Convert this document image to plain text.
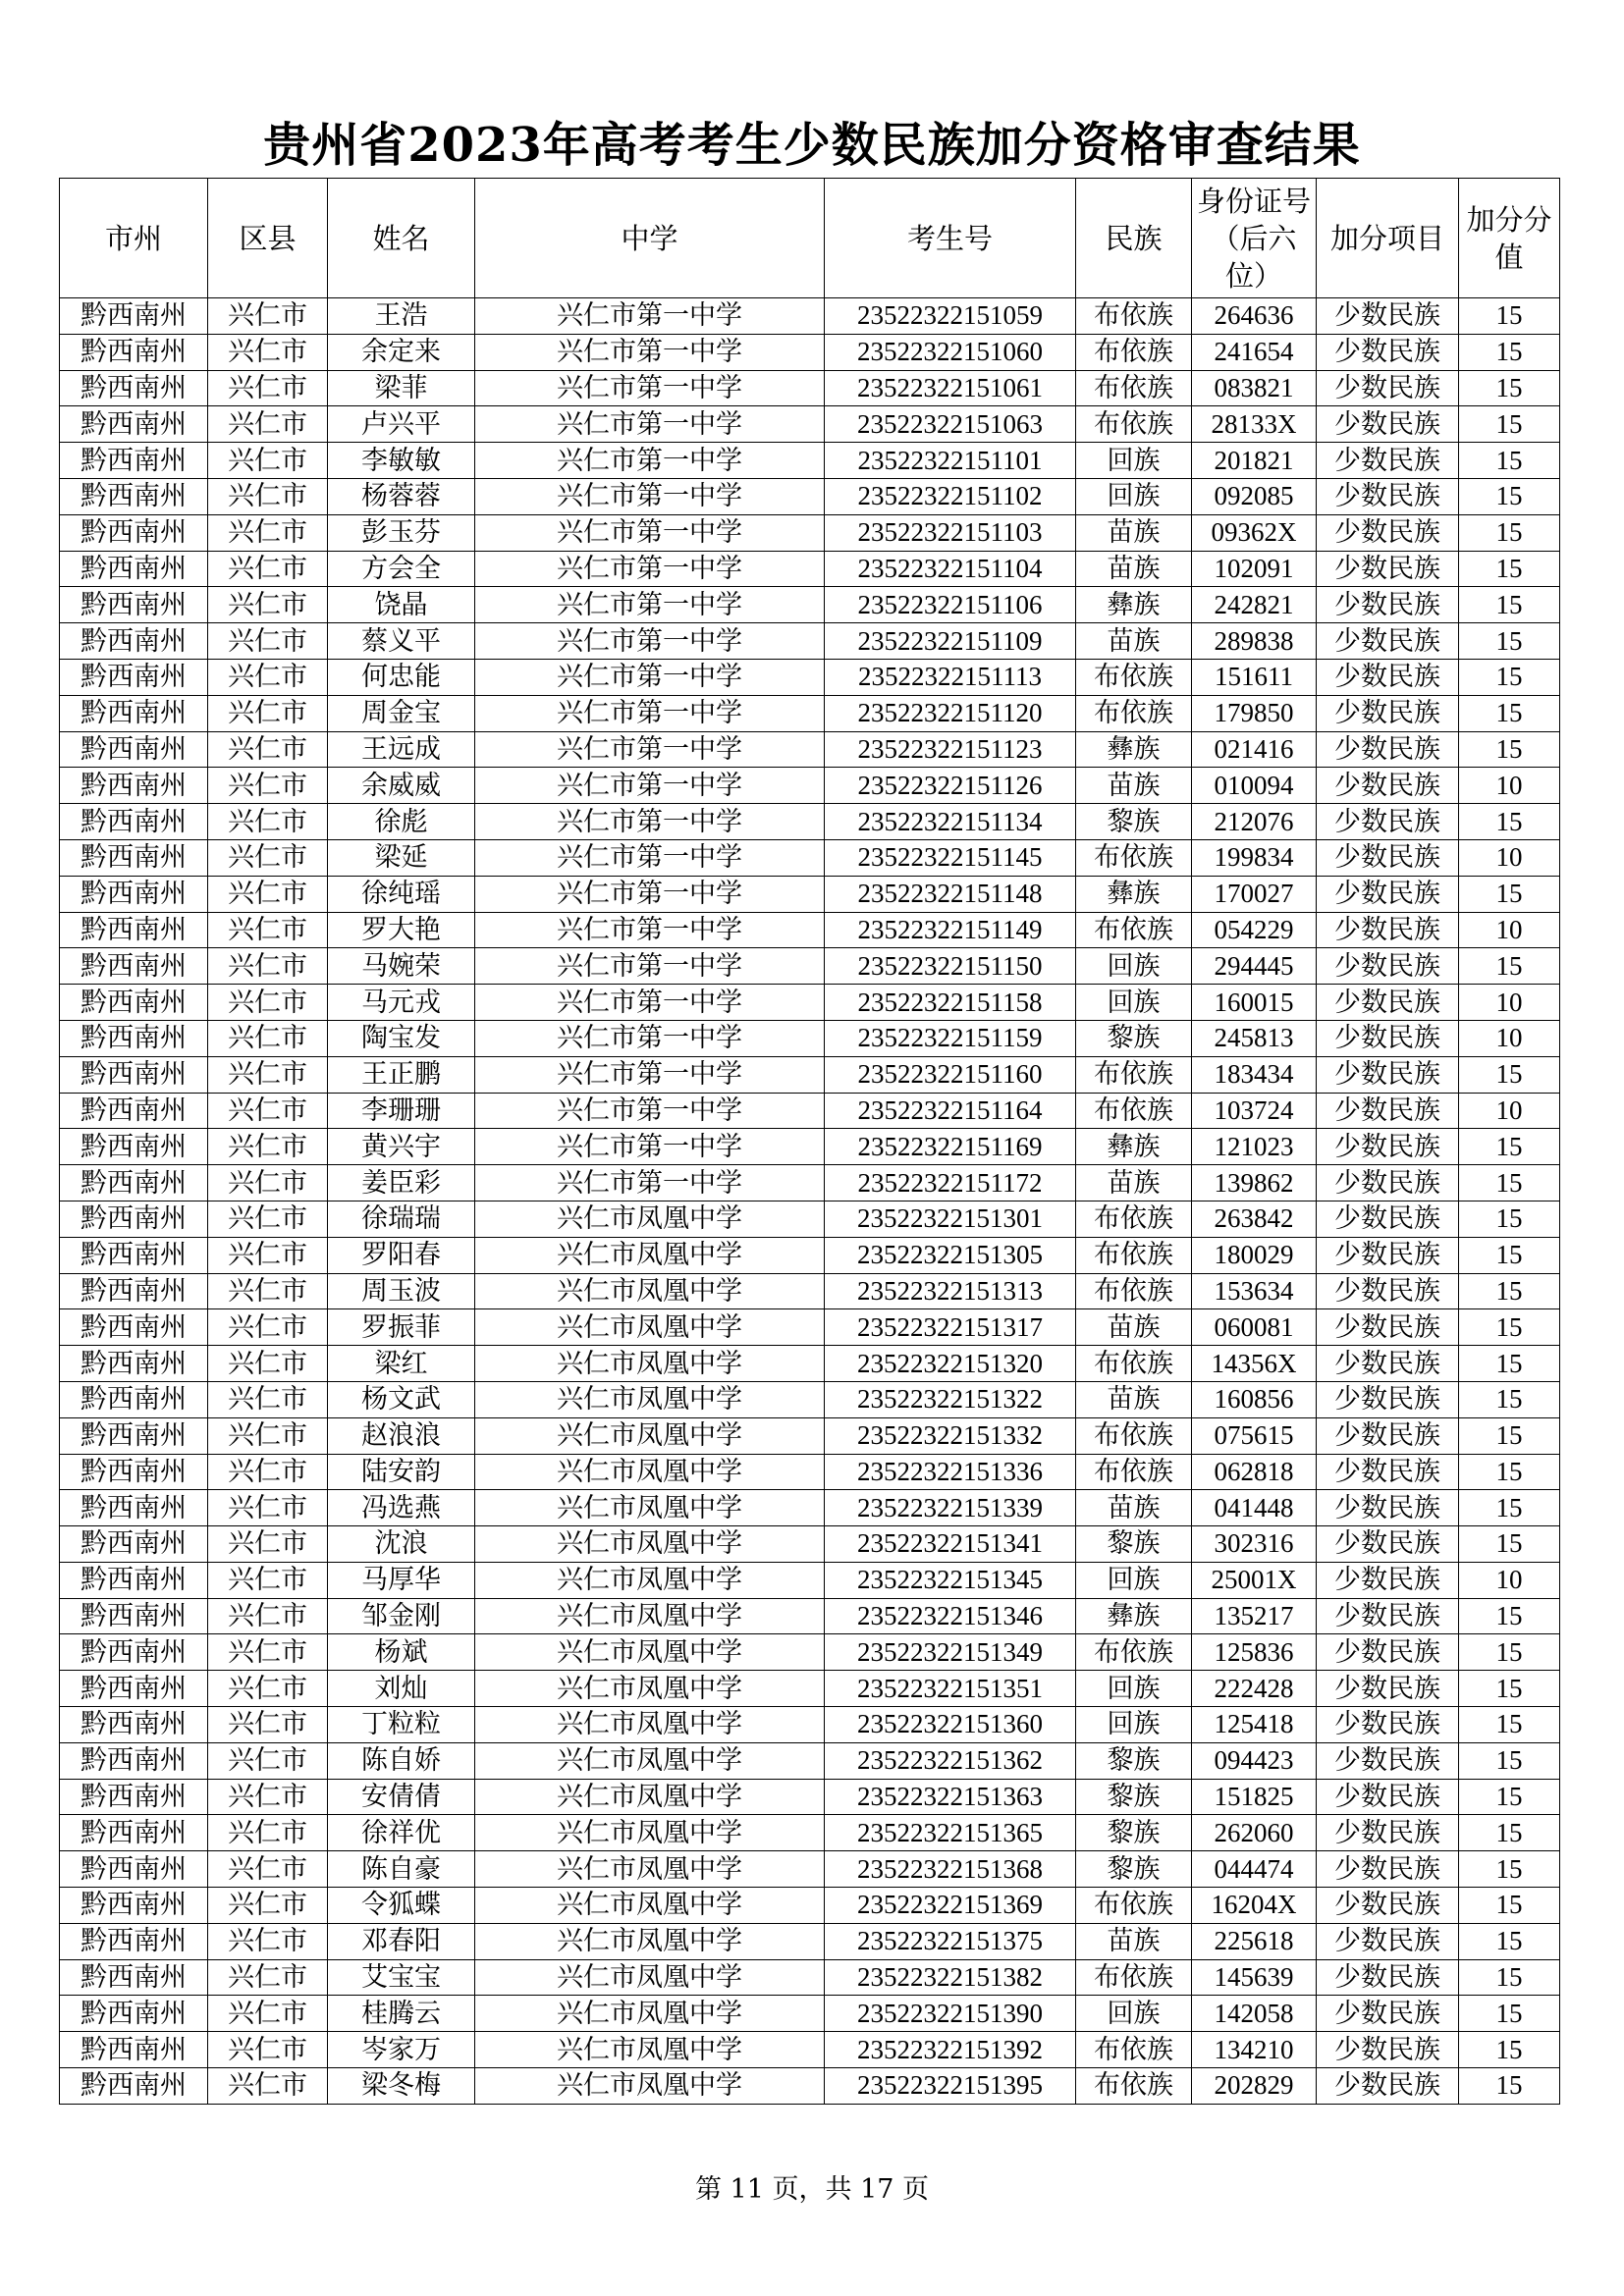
贵州省2023年高考考生少数民族加分资格审查结果
市州	区县	姓名	中学	考生号	民族	身份证号（后六位）	加分项目	加分分值
黔西南州	兴仁市	王浩	兴仁市第一中学	23522322151059	布依族	264636	少数民族	15
黔西南州	兴仁市	余定来	兴仁市第一中学	23522322151060	布依族	241654	少数民族	15
黔西南州	兴仁市	梁菲	兴仁市第一中学	23522322151061	布依族	083821	少数民族	15
黔西南州	兴仁市	卢兴平	兴仁市第一中学	23522322151063	布依族	28133X	少数民族	15
黔西南州	兴仁市	李敏敏	兴仁市第一中学	23522322151101	回族	201821	少数民族	15
黔西南州	兴仁市	杨蓉蓉	兴仁市第一中学	23522322151102	回族	092085	少数民族	15
黔西南州	兴仁市	彭玉芬	兴仁市第一中学	23522322151103	苗族	09362X	少数民族	15
黔西南州	兴仁市	方会全	兴仁市第一中学	23522322151104	苗族	102091	少数民族	15
黔西南州	兴仁市	饶晶	兴仁市第一中学	23522322151106	彝族	242821	少数民族	15
黔西南州	兴仁市	蔡义平	兴仁市第一中学	23522322151109	苗族	289838	少数民族	15
黔西南州	兴仁市	何忠能	兴仁市第一中学	23522322151113	布依族	151611	少数民族	15
黔西南州	兴仁市	周金宝	兴仁市第一中学	23522322151120	布依族	179850	少数民族	15
黔西南州	兴仁市	王远成	兴仁市第一中学	23522322151123	彝族	021416	少数民族	15
黔西南州	兴仁市	余威威	兴仁市第一中学	23522322151126	苗族	010094	少数民族	10
黔西南州	兴仁市	徐彪	兴仁市第一中学	23522322151134	黎族	212076	少数民族	15
黔西南州	兴仁市	梁延	兴仁市第一中学	23522322151145	布依族	199834	少数民族	10
黔西南州	兴仁市	徐纯瑶	兴仁市第一中学	23522322151148	彝族	170027	少数民族	15
黔西南州	兴仁市	罗大艳	兴仁市第一中学	23522322151149	布依族	054229	少数民族	10
黔西南州	兴仁市	马婉荣	兴仁市第一中学	23522322151150	回族	294445	少数民族	15
黔西南州	兴仁市	马元戎	兴仁市第一中学	23522322151158	回族	160015	少数民族	10
黔西南州	兴仁市	陶宝发	兴仁市第一中学	23522322151159	黎族	245813	少数民族	10
黔西南州	兴仁市	王正鹏	兴仁市第一中学	23522322151160	布依族	183434	少数民族	15
黔西南州	兴仁市	李珊珊	兴仁市第一中学	23522322151164	布依族	103724	少数民族	10
黔西南州	兴仁市	黄兴宇	兴仁市第一中学	23522322151169	彝族	121023	少数民族	15
黔西南州	兴仁市	姜臣彩	兴仁市第一中学	23522322151172	苗族	139862	少数民族	15
黔西南州	兴仁市	徐瑞瑞	兴仁市凤凰中学	23522322151301	布依族	263842	少数民族	15
黔西南州	兴仁市	罗阳春	兴仁市凤凰中学	23522322151305	布依族	180029	少数民族	15
黔西南州	兴仁市	周玉波	兴仁市凤凰中学	23522322151313	布依族	153634	少数民族	15
黔西南州	兴仁市	罗振菲	兴仁市凤凰中学	23522322151317	苗族	060081	少数民族	15
黔西南州	兴仁市	梁红	兴仁市凤凰中学	23522322151320	布依族	14356X	少数民族	15
黔西南州	兴仁市	杨文武	兴仁市凤凰中学	23522322151322	苗族	160856	少数民族	15
黔西南州	兴仁市	赵浪浪	兴仁市凤凰中学	23522322151332	布依族	075615	少数民族	15
黔西南州	兴仁市	陆安韵	兴仁市凤凰中学	23522322151336	布依族	062818	少数民族	15
黔西南州	兴仁市	冯选燕	兴仁市凤凰中学	23522322151339	苗族	041448	少数民族	15
黔西南州	兴仁市	沈浪	兴仁市凤凰中学	23522322151341	黎族	302316	少数民族	15
黔西南州	兴仁市	马厚华	兴仁市凤凰中学	23522322151345	回族	25001X	少数民族	10
黔西南州	兴仁市	邹金刚	兴仁市凤凰中学	23522322151346	彝族	135217	少数民族	15
黔西南州	兴仁市	杨斌	兴仁市凤凰中学	23522322151349	布依族	125836	少数民族	15
黔西南州	兴仁市	刘灿	兴仁市凤凰中学	23522322151351	回族	222428	少数民族	15
黔西南州	兴仁市	丁粒粒	兴仁市凤凰中学	23522322151360	回族	125418	少数民族	15
黔西南州	兴仁市	陈自娇	兴仁市凤凰中学	23522322151362	黎族	094423	少数民族	15
黔西南州	兴仁市	安倩倩	兴仁市凤凰中学	23522322151363	黎族	151825	少数民族	15
黔西南州	兴仁市	徐祥优	兴仁市凤凰中学	23522322151365	黎族	262060	少数民族	15
黔西南州	兴仁市	陈自豪	兴仁市凤凰中学	23522322151368	黎族	044474	少数民族	15
黔西南州	兴仁市	令狐蝶	兴仁市凤凰中学	23522322151369	布依族	16204X	少数民族	15
黔西南州	兴仁市	邓春阳	兴仁市凤凰中学	23522322151375	苗族	225618	少数民族	15
黔西南州	兴仁市	艾宝宝	兴仁市凤凰中学	23522322151382	布依族	145639	少数民族	15
黔西南州	兴仁市	桂腾云	兴仁市凤凰中学	23522322151390	回族	142058	少数民族	15
黔西南州	兴仁市	岑家万	兴仁市凤凰中学	23522322151392	布依族	134210	少数民族	15
黔西南州	兴仁市	梁冬梅	兴仁市凤凰中学	23522322151395	布依族	202829	少数民族	15
第 11 页，共 17 页
